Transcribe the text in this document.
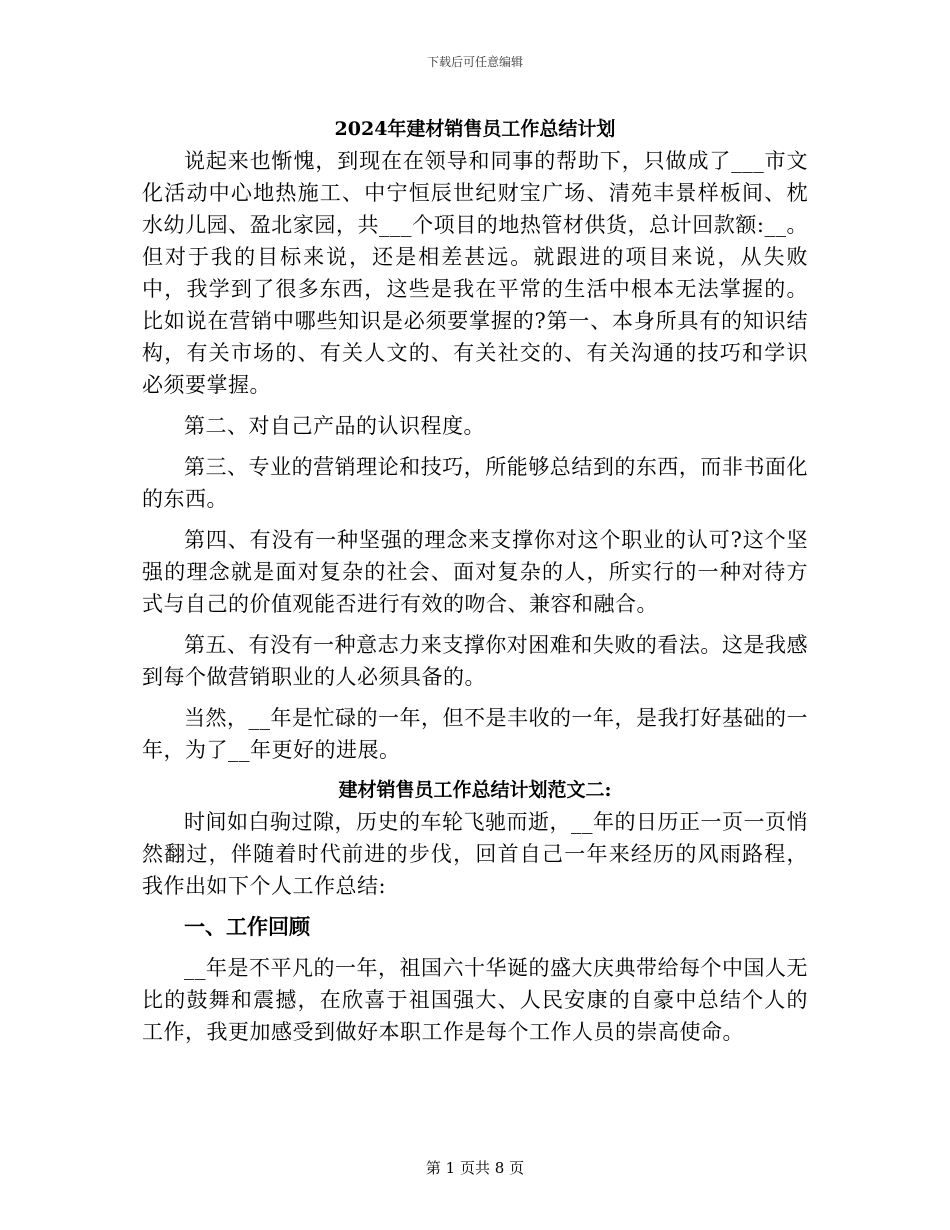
下载后可任意编辑
2024年建材销售员工作总结计划

说起来也惭愧，到现在在领导和同事的帮助下，只做成了___市文化活动中心地热施工、中宁恒辰世纪财宝广场、清苑丰景样板间、枕水幼儿园、盈北家园，共___个项目的地热管材供货，总计回款额:__。但对于我的目标来说，还是相差甚远。就跟进的项目来说，从失败中，我学到了很多东西，这些是我在平常的生活中根本无法掌握的。比如说在营销中哪些知识是必须要掌握的?第一、本身所具有的知识结构，有关市场的、有关人文的、有关社交的、有关沟通的技巧和学识必须要掌握。

第二、对自己产品的认识程度。

第三、专业的营销理论和技巧，所能够总结到的东西，而非书面化的东西。

第四、有没有一种坚强的理念来支撑你对这个职业的认可?这个坚强的理念就是面对复杂的社会、面对复杂的人，所实行的一种对待方式与自己的价值观能否进行有效的吻合、兼容和融合。

第五、有没有一种意志力来支撑你对困难和失败的看法。这是我感到每个做营销职业的人必须具备的。

当然，__年是忙碌的一年，但不是丰收的一年，是我打好基础的一年，为了__年更好的进展。

建材销售员工作总结计划范文二:

时间如白驹过隙，历史的车轮飞驰而逝，__年的日历正一页一页悄然翻过，伴随着时代前进的步伐，回首自己一年来经历的风雨路程，我作出如下个人工作总结:

一、工作回顾

__年是不平凡的一年，祖国六十华诞的盛大庆典带给每个中国人无比的鼓舞和震撼，在欣喜于祖国强大、人民安康的自豪中总结个人的工作，我更加感受到做好本职工作是每个工作人员的崇高使命。

第 1 页共 8 页
